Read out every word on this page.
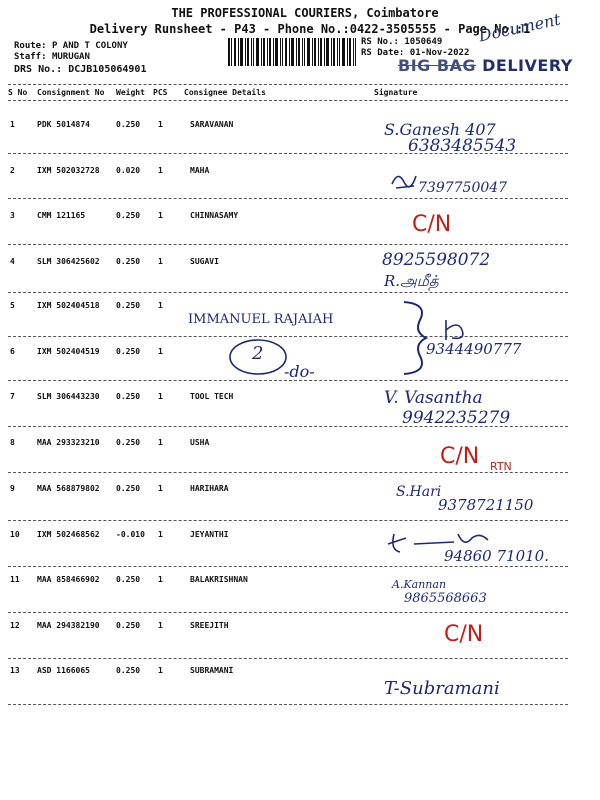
THE PROFESSIONAL COURIERS, Coimbatore
Delivery Runsheet - P43 - Phone No.:0422-3505555 - Page No.:1
Route: P AND T COLONY
Staff: MURUGAN
DRS No.: DCJB105064901
RS No.: 1050649
RS Date: 01-Nov-2022
Document
BIG BAG DELIVERY
S No Consignment No Weight PCS Consignee Details	Signature
1	PDK 5014874	0.250 1	SARAVANAN	S.Ganesh 407
6383485543
2	IXM 502032728 0.020 1	MAHA
7397750047
3	CMM 121165	0.250 1	CHINNASAMY	C/N
4	SLM 306425602 0.250 1	SUGAVI	8925598072
R.அமீத்
5	IXM 502404518 0.250 1
IMMANUEL RAJAIAH
6	IXM 502404519 0.250 1	2
-do-
9344490777
7	SLM 306443230 0.250 1	TOOL TECH	V. Vasantha
9942235279
8	MAA 293323210 0.250 1	USHA
C/N RTN
9	MAA 568879802 0.250 1	HARIHARA	S.Hari
9378721150
10 IXM 502468562 -0.010 1	JEYANTHI
94860 71010.
11 MAA 858466902 0.250 1	BALAKRISHNAN	A.Kannan
9865568663
12 MAA 294382190 0.250 1	SREEJITH	C/N
13 ASD 1166065	0.250 1	SUBRAMANI
T-Subramani
